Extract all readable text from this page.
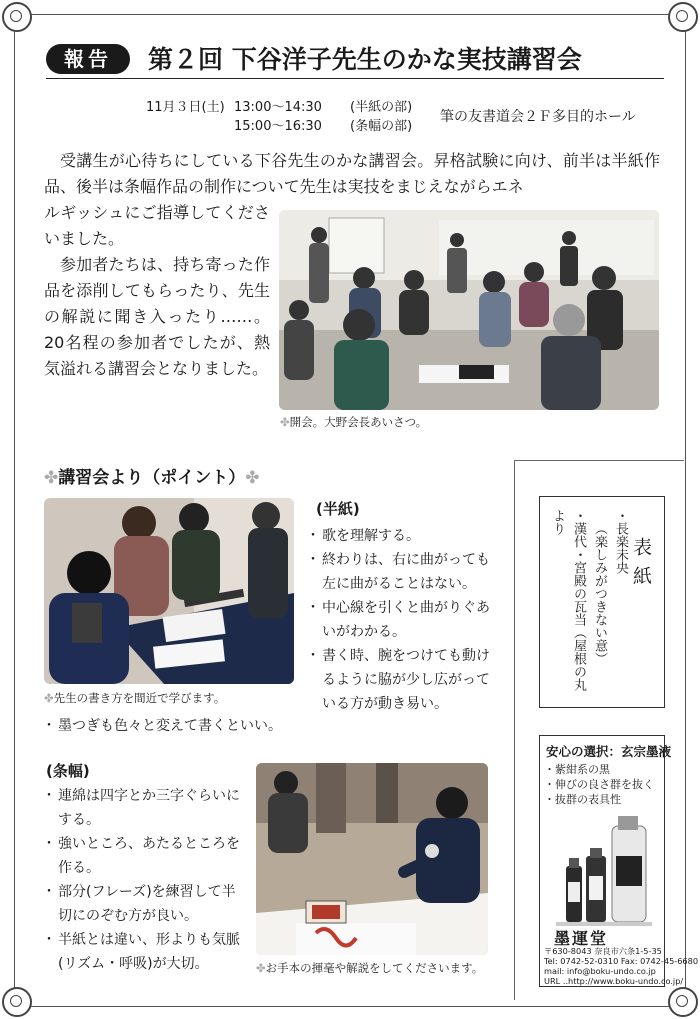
報告	第２回 下谷洋子先生のかな実技講習会
11月３日(土) 13:00〜14:30 (半紙の部)
15:00〜16:30 (条幅の部)
筆の友書道会２Ｆ多目的ホール

受講生が心待ちにしている下谷先生のかな講習会。昇格試験に向け、前半は半紙作品、後半は条幅作品の制作について先生は実技をまじえながらエネ

ルギッシュにご指導してくださいました。

参加者たちは、持ち寄った作品を添削してもらったり、先生の解説に聞き入ったり……。20名程の参加者でしたが、熱気溢れる講習会となりました。

✤開会。大野会長あいさつ。
✤講習会より（ポイント）✤
✤先生の書き方を間近で学びます。
(半紙)
・ 歌を理解する。
・ 終わりは、右に曲がっても左に曲がることはない。
・ 中心線を引くと曲がりぐあいがわかる。
・ 書く時、腕をつけても動けるように脇が少し広がっている方が動き易い。
・ 墨つぎも色々と変えて書くといい。
(条幅)
・ 連綿は四字とか三字ぐらいにする。
・ 強いところ、あたるところを作る。
・ 部分(フレーズ)を練習して半切にのぞむ方が良い。
・ 半紙とは違い、形よりも気脈(リズム・呼吸)が大切。	✤お手本の揮毫や解説をしてくださいます。
表紙
・長楽未央
（楽しみがつきない意）
・漢代・宮殿の瓦当（屋根の丸
より
安心の選択：玄宗墨液
・紫紺系の黒
・伸びの良さ群を抜く
・抜群の表具性
墨運堂
〒630-8043 奈良市六条1-5-35
Tel: 0742-52-0310 Fax: 0742-45-6680
mail: info@boku-undo.co.jp
URL ..http://www.boku-undo.co.jp/
